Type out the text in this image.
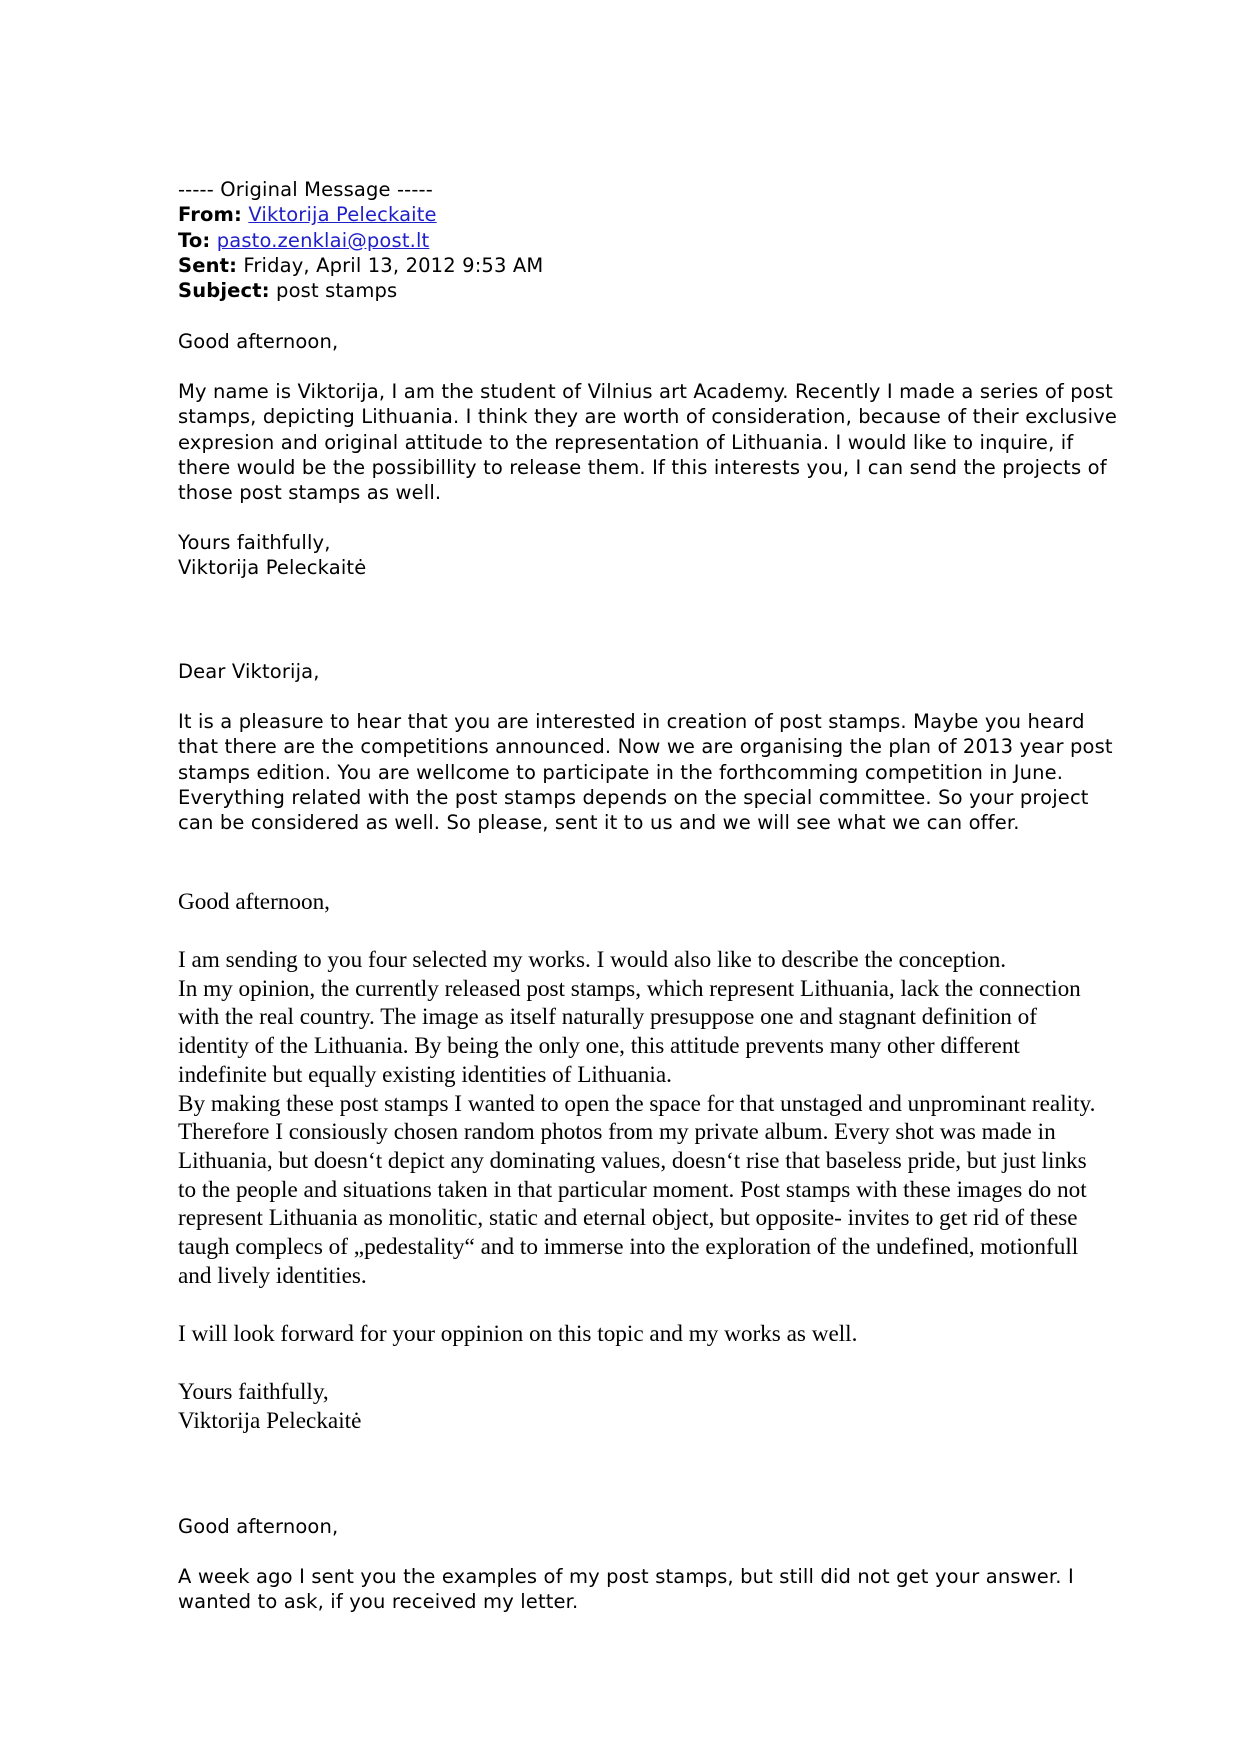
----- Original Message -----
From: Viktorija Peleckaite
To: pasto.zenklai@post.lt
Sent: Friday, April 13, 2012 9:53 AM
Subject: post stamps
Good afternoon,
My name is Viktorija, I am the student of Vilnius art Academy. Recently I made a series of post
stamps, depicting Lithuania. I think they are worth of consideration, because of their exclusive
expresion and original attitude to the representation of Lithuania. I would like to inquire, if
there would be the possibillity to release them. If this interests you, I can send the projects of
those post stamps as well.
Yours faithfully,
Viktorija Peleckaitė
Dear Viktorija,
It is a pleasure to hear that you are interested in creation of post stamps. Maybe you heard
that there are the competitions announced. Now we are organising the plan of 2013 year post
stamps edition. You are wellcome to participate in the forthcomming competition in June.
Everything related with the post stamps depends on the special committee. So your project
can be considered as well. So please, sent it to us and we will see what we can offer.
Good afternoon,
I am sending to you four selected my works. I would also like to describe the conception.
In my opinion, the currently released post stamps, which represent Lithuania, lack the connection
with the real country. The image as itself naturally presuppose one and stagnant definition of
identity of the Lithuania. By being the only one, this attitude prevents many other different
indefinite but equally existing identities of Lithuania.
By making these post stamps I wanted to open the space for that unstaged and unprominant reality.
Therefore I consiously chosen random photos from my private album. Every shot was made in
Lithuania, but doesn‘t depict any dominating values, doesn‘t rise that baseless pride, but just links
to the people and situations taken in that particular moment. Post stamps with these images do not
represent Lithuania as monolitic, static and eternal object, but opposite- invites to get rid of these
taugh complecs of „pedestality“ and to immerse into the exploration of the undefined, motionfull
and lively identities.
I will look forward for your oppinion on this topic and my works as well.
Yours faithfully,
Viktorija Peleckaitė
Good afternoon,
A week ago I sent you the examples of my post stamps, but still did not get your answer. I
wanted to ask, if you received my letter.
